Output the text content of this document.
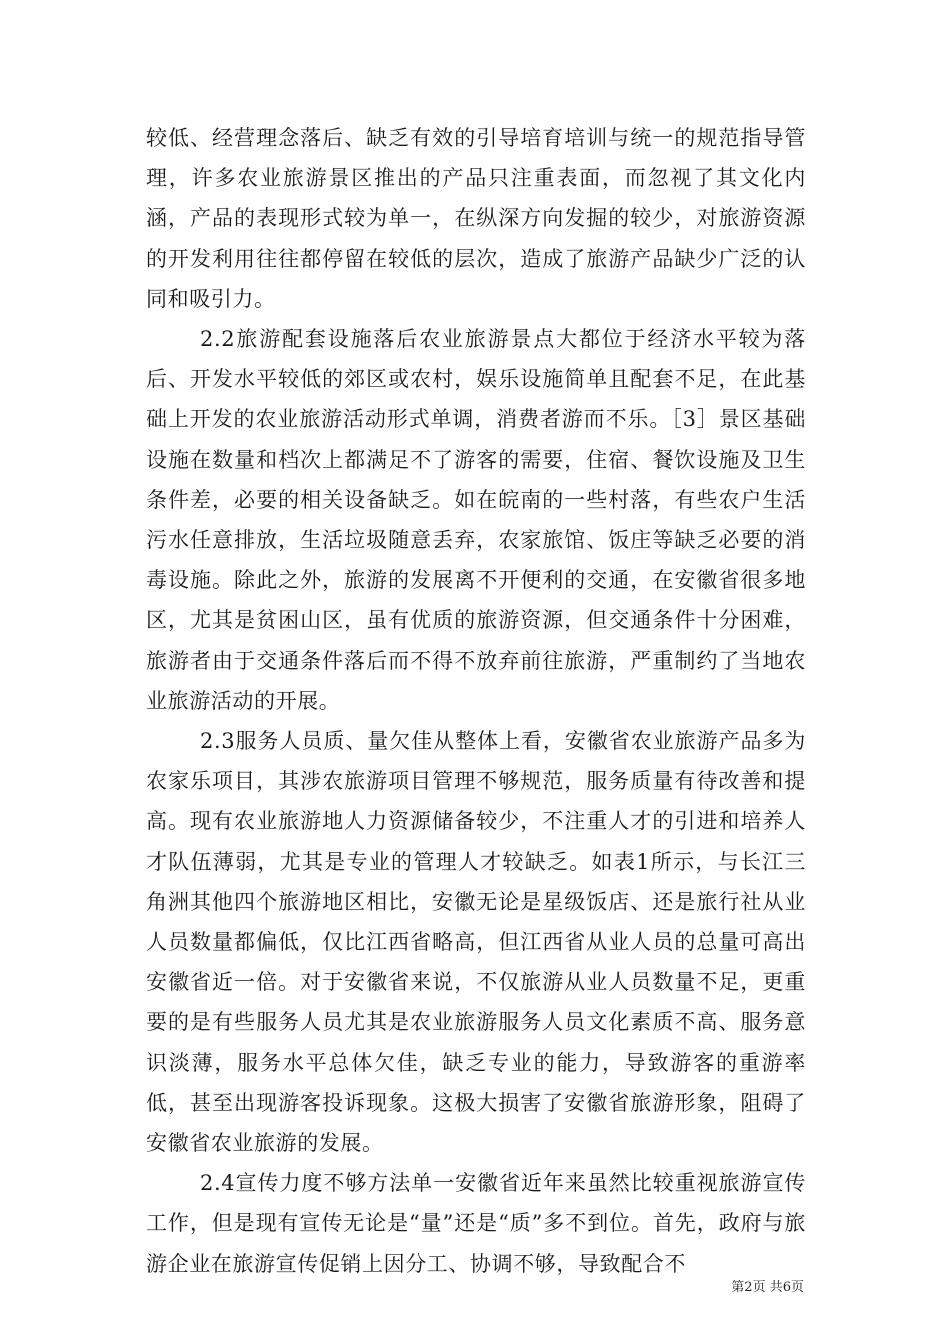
较低、经营理念落后、缺乏有效的引导培育培训与统一的规范指导管理，许多农业旅游景区推出的产品只注重表面，而忽视了其文化内涵，产品的表现形式较为单一，在纵深方向发掘的较少，对旅游资源的开发利用往往都停留在较低的层次，造成了旅游产品缺少广泛的认同和吸引力。

2.2旅游配套设施落后农业旅游景点大都位于经济水平较为落后、开发水平较低的郊区或农村，娱乐设施简单且配套不足，在此基础上开发的农业旅游活动形式单调，消费者游而不乐。［3］景区基础设施在数量和档次上都满足不了游客的需要，住宿、餐饮设施及卫生条件差，必要的相关设备缺乏。如在皖南的一些村落，有些农户生活污水任意排放，生活垃圾随意丢弃，农家旅馆、饭庄等缺乏必要的消毒设施。除此之外，旅游的发展离不开便利的交通，在安徽省很多地区，尤其是贫困山区，虽有优质的旅游资源，但交通条件十分困难，旅游者由于交通条件落后而不得不放弃前往旅游，严重制约了当地农业旅游活动的开展。

2.3服务人员质、量欠佳从整体上看，安徽省农业旅游产品多为农家乐项目，其涉农旅游项目管理不够规范，服务质量有待改善和提高。现有农业旅游地人力资源储备较少，不注重人才的引进和培养人才队伍薄弱，尤其是专业的管理人才较缺乏。如表1所示，与长江三角洲其他四个旅游地区相比，安徽无论是星级饭店、还是旅行社从业人员数量都偏低，仅比江西省略高，但江西省从业人员的总量可高出安徽省近一倍。对于安徽省来说，不仅旅游从业人员数量不足，更重要的是有些服务人员尤其是农业旅游服务人员文化素质不高、服务意识淡薄，服务水平总体欠佳，缺乏专业的能力，导致游客的重游率低，甚至出现游客投诉现象。这极大损害了安徽省旅游形象，阻碍了安徽省农业旅游的发展。

2.4宣传力度不够方法单一安徽省近年来虽然比较重视旅游宣传工作，但是现有宣传无论是“量”还是“质”多不到位。首先，政府与旅游企业在旅游宣传促销上因分工、协调不够，导致配合不

第2页 共6页
